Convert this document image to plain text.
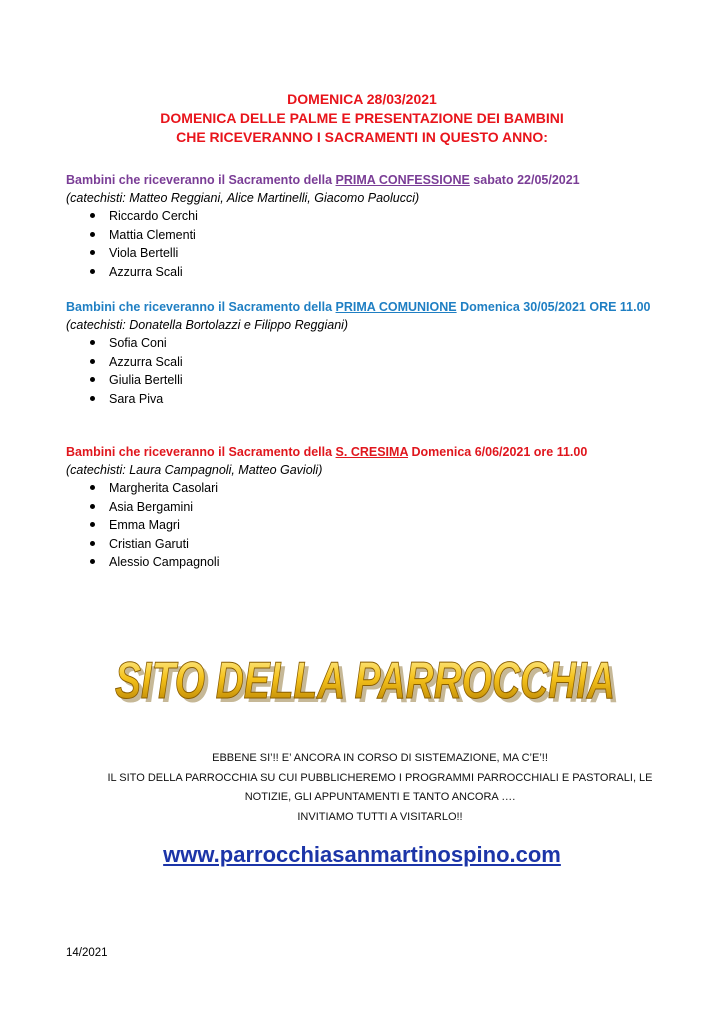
DOMENICA 28/03/2021
DOMENICA DELLE PALME E PRESENTAZIONE DEI BAMBINI
CHE RICEVERANNO I SACRAMENTI IN QUESTO ANNO:
Bambini che riceveranno il Sacramento della PRIMA CONFESSIONE sabato 22/05/2021
(catechisti: Matteo Reggiani, Alice Martinelli, Giacomo Paolucci)
Riccardo Cerchi
Mattia Clementi
Viola Bertelli
Azzurra Scali
Bambini che riceveranno il Sacramento della PRIMA COMUNIONE Domenica 30/05/2021 ORE 11.00
(catechisti: Donatella Bortolazzi e Filippo Reggiani)
Sofia Coni
Azzurra Scali
Giulia Bertelli
Sara Piva
Bambini che riceveranno il Sacramento della S. CRESIMA Domenica 6/06/2021 ore 11.00
(catechisti: Laura Campagnoli, Matteo Gavioli)
Margherita Casolari
Asia Bergamini
Emma Magri
Cristian Garuti
Alessio Campagnoli
SITO DELLA PARROCCHIA
SITO DELLA PARROCCHIA
EBBENE SI’!! E’ ANCORA IN CORSO DI SISTEMAZIONE, MA C’E’!!
IL SITO DELLA PARROCCHIA SU CUI PUBBLICHEREMO I PROGRAMMI PARROCCHIALI E PASTORALI, LE
NOTIZIE, GLI APPUNTAMENTI E TANTO ANCORA ….
INVITIAMO TUTTI A VISITARLO!!
www.parrocchiasanmartinospino.com
14/2021
